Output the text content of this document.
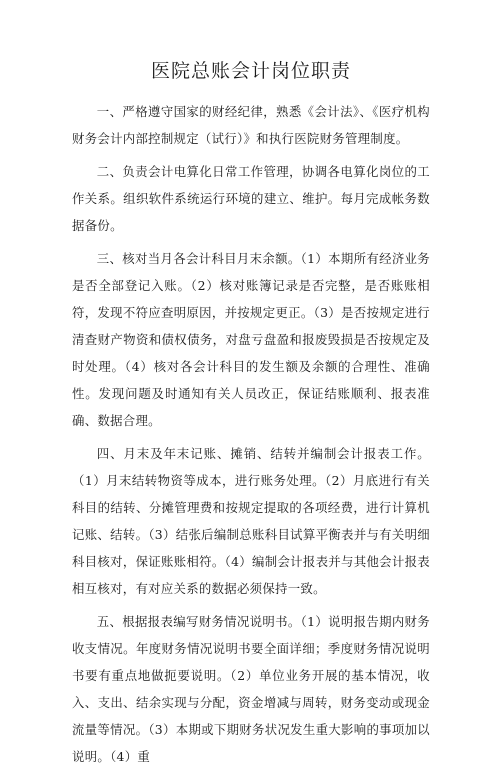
医院总账会计岗位职责

一、严格遵守国家的财经纪律，熟悉《会计法》、《医疗机构财务会计内部控制规定（试行）》和执行医院财务管理制度。

二、负责会计电算化日常工作管理，协调各电算化岗位的工作关系。组织软件系统运行环境的建立、维护。每月完成帐务数据备份。

三、核对当月各会计科目月末余额。（1）本期所有经济业务是否全部登记入账。（2）核对账簿记录是否完整，是否账账相符，发现不符应查明原因，并按规定更正。（3）是否按规定进行清查财产物资和债权债务，对盘亏盘盈和报废毁损是否按规定及时处理。（4）核对各会计科目的发生额及余额的合理性、准确性。发现问题及时通知有关人员改正，保证结账顺利、报表准确、数据合理。

四、月末及年末记账、摊销、结转并编制会计报表工作。（1）月末结转物资等成本，进行账务处理。（2）月底进行有关科目的结转、分摊管理费和按规定提取的各项经费，进行计算机记账、结转。（3）结张后编制总账科目试算平衡表并与有关明细科目核对，保证账账相符。（4）编制会计报表并与其他会计报表相互核对，有对应关系的数据必须保持一致。

五、根据报表编写财务情况说明书。（1）说明报告期内财务收支情况。年度财务情况说明书要全面详细；季度财务情况说明书要有重点地做扼要说明。（2）单位业务开展的基本情况，收入、支出、结余实现与分配，资金增减与周转，财务变动或现金流量等情况。（3）本期或下期财务状况发生重大影响的事项加以说明。（4）重
